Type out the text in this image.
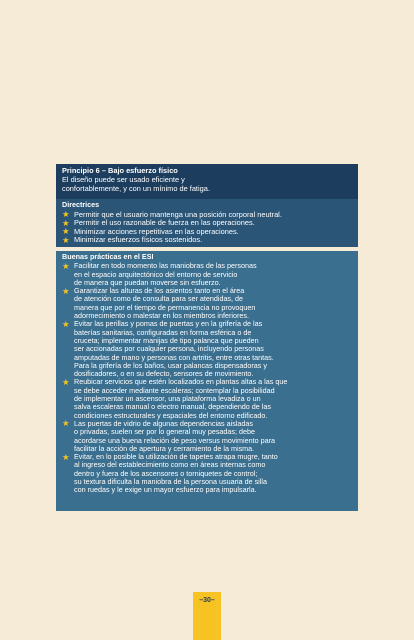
Principio 6 – Bajo esfuerzo físico
El diseño puede ser usado eficiente y
confortablemente, y con un mínimo de fatiga.
Directrices
★ Permitir que el usuario mantenga una posición corporal neutral.
★ Permitir el uso razonable de fuerza en las operaciones.
★ Minimizar acciones repetitivas en las operaciones.
★ Minimizar esfuerzos físicos sostenidos.
Buenas prácticas en el ESI
★ Facilitar en todo momento las maniobras de las personas
en el espacio arquitectónico del entorno de servicio
de manera que puedan moverse sin esfuerzo.
★ Garantizar las alturas de los asientos tanto en el área
de atención como de consulta para ser atendidas, de
manera que por el tiempo de permanencia no provoquen
adormecimiento o malestar en los miembros inferiores.
★ Evitar las perillas y pomas de puertas y en la grifería de las
baterías sanitarias, configuradas en forma esférica o de
cruceta; implementar manijas de tipo palanca que pueden
ser accionadas por cualquier persona, incluyendo personas
amputadas de mano y personas con artritis, entre otras tantas.
Para la grifería de los baños, usar palancas dispensadoras y
dosificadores, o en su defecto, sensores de movimiento.
★ Reubicar servicios que estén localizados en plantas altas a las que
se debe acceder mediante escaleras; contemplar la posibilidad
de implementar un ascensor, una plataforma levadiza o un
salva escaleras manual o electro manual, dependiendo de las
condiciones estructurales y espaciales del entorno edificado.
★ Las puertas de vidrio de algunas dependencias aisladas
o privadas, suelen ser por lo general muy pesadas; debe
acordarse una buena relación de peso versus movimiento para
facilitar la acción de apertura y cerramiento de la misma.
★ Evitar, en lo posible la utilización de tapetes atrapa mugre, tanto
al ingreso del establecimiento como en áreas internas como
dentro y fuera de los ascensores o torniquetes de control;
su textura dificulta la maniobra de la persona usuaria de silla
con ruedas y le exige un mayor esfuerzo para impulsarla.
–30–
